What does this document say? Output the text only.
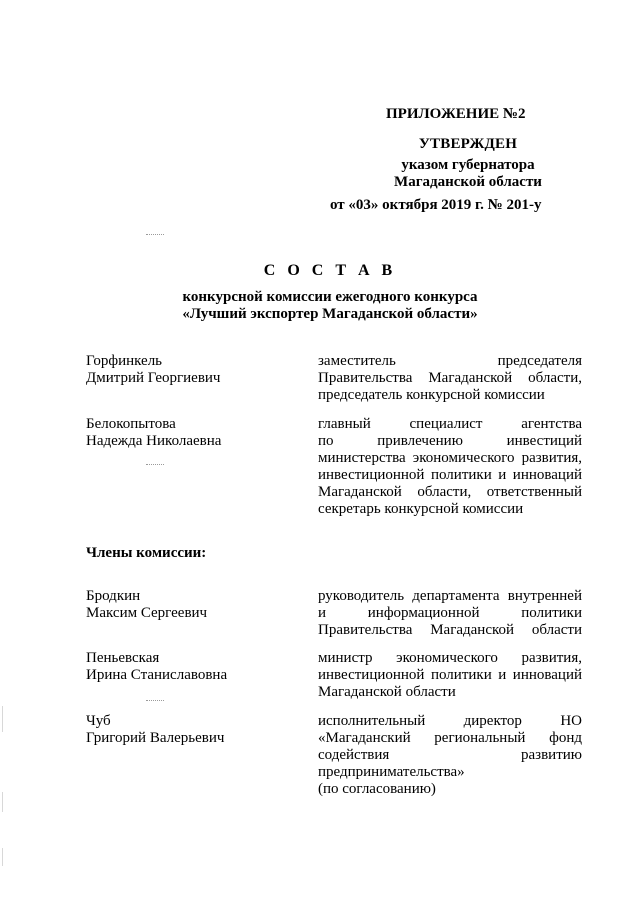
ПРИЛОЖЕНИЕ №2
УТВЕРЖДЕН
указом губернатора
Магаданской области
от «03» октября 2019 г. № 201-у
С О С Т А В
конкурсной комиссии ежегодного конкурса
«Лучший экспортер Магаданской области»
Горфинкель
Дмитрий Георгиевич
заместитель председателя
Правительства Магаданской области,
председатель конкурсной комиссии
Белокопытова
Надежда Николаевна
главный специалист агентства
по привлечению инвестиций
министерства экономического развития,
инвестиционной политики и инноваций
Магаданской области, ответственный
секретарь конкурсной комиссии
Члены комиссии:
Бродкин
Максим Сергеевич
руководитель департамента внутренней
и информационной политики
Правительства Магаданской области
Пеньевская
Ирина Станиславовна
министр экономического развития,
инвестиционной политики и инноваций
Магаданской области
Чуб
Григорий Валерьевич
исполнительный директор НО
«Магаданский региональный фонд
содействия развитию
предпринимательства»
(по согласованию)
